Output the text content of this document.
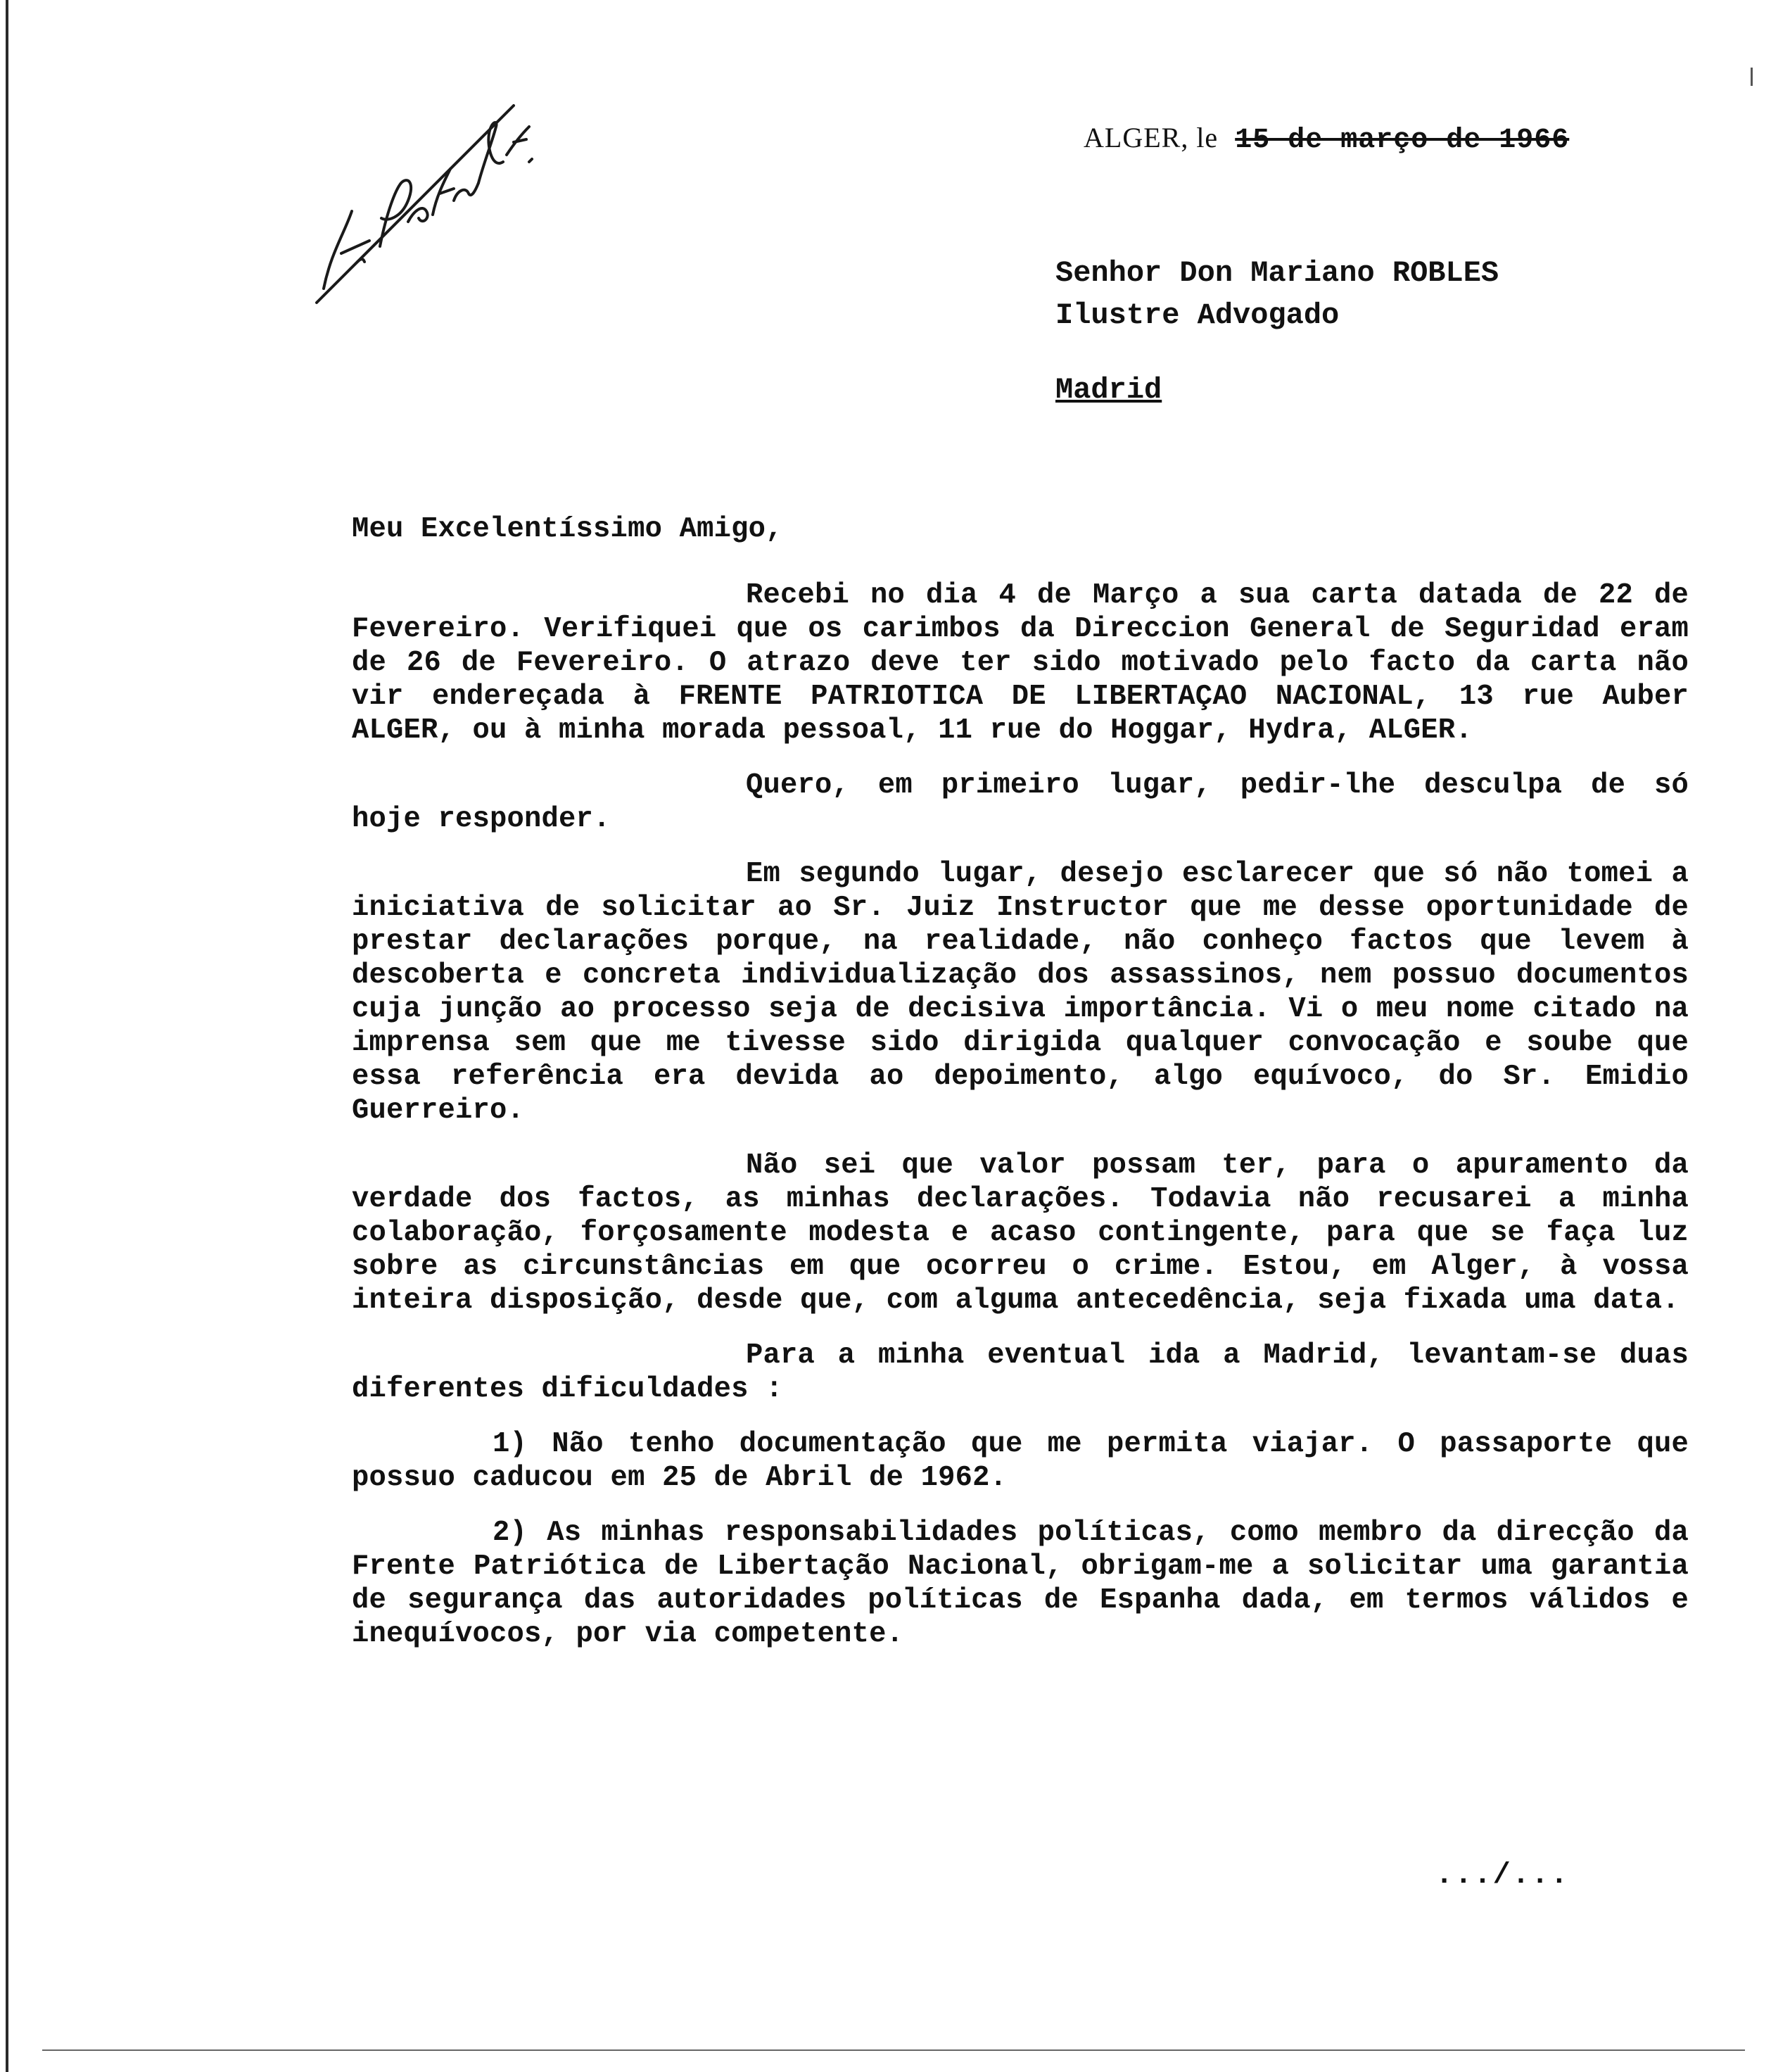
ALGER, le 15 de março de 1966
Senhor Don Mariano ROBLES
Ilustre Advogado
Madrid

Meu Excelentíssimo Amigo,

Recebi no dia 4 de Março a sua carta datada de 22 de Fevereiro. Verifiquei que os carimbos da Direccion General de Seguridad eram de 26 de Fevereiro. O atrazo deve ter sido motivado pelo facto da carta não vir endereçada à FRENTE PATRIOTICA DE LIBERTAÇAO NACIONAL, 13 rue Auber ALGER, ou à minha morada pessoal, 11 rue do Hoggar, Hydra, ALGER.

Quero, em primeiro lugar, pedir-lhe desculpa de só hoje responder.

Em segundo lugar, desejo esclarecer que só não tomei a iniciativa de solicitar ao Sr. Juiz Instructor que me desse oportunidade de prestar declarações porque, na realidade, não conheço factos que levem à descoberta e concreta individualização dos assassinos, nem possuo documentos cuja junção ao processo seja de decisiva importância. Vi o meu nome citado na imprensa sem que me tivesse sido dirigida qualquer convocação e soube que essa referência era devida ao depoimento, algo equívoco, do Sr. Emidio Guerreiro.

Não sei que valor possam ter, para o apuramento da verdade dos factos, as minhas declarações. Todavia não recusarei a minha colaboração, forçosamente modesta e acaso contingente, para que se faça luz sobre as circunstâncias em que ocorreu o crime. Estou, em Alger, à vossa inteira disposição, desde que, com alguma antecedência, seja fixada uma data.

Para a minha eventual ida a Madrid, levantam-se duas diferentes dificuldades :

1) Não tenho documentação que me permita viajar. O passaporte que possuo caducou em 25 de Abril de 1962.

2) As minhas responsabilidades políticas, como membro da direcção da Frente Patriótica de Libertação Nacional, obrigam-me a solicitar uma garantia de segurança das autoridades políticas de Espanha dada, em termos válidos e inequívocos, por via competente.

.../...
